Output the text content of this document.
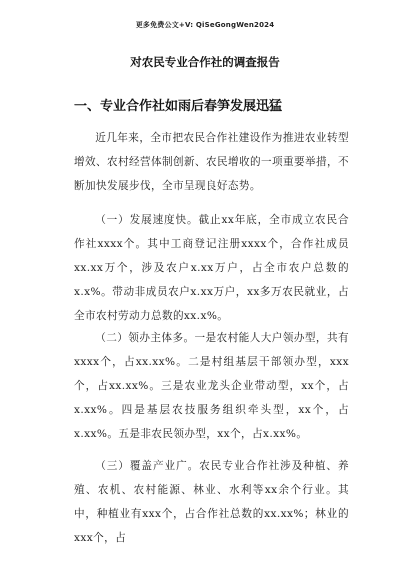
更多免费公文+V: QiSeGongWen2024
对农民专业合作社的调查报告
一、专业合作社如雨后春笋发展迅猛

近几年来，全市把农民合作社建设作为推进农业转型增效、农村经营体制创新、农民增收的一项重要举措，不断加快发展步伐，全市呈现良好态势。

（一）发展速度快。截止xx年底，全市成立农民合作社xxxx个。其中工商登记注册xxxx个，合作社成员xx.xx万个，涉及农户x.xx万户，占全市农户总数的x.x%。带动非成员农户x.xx万户，xx多万农民就业，占全市农村劳动力总数的xx.x%。

（二）领办主体多。一是农村能人大户领办型，共有xxxx个，占xx.xx%。二是村组基层干部领办型，xxx个，占xx.xx%。三是农业龙头企业带动型，xx个，占x.xx%。四是基层农技服务组织牵头型，xx个，占x.xx%。五是非农民领办型，xx个，占x.xx%。

（三）覆盖产业广。农民专业合作社涉及种植、养殖、农机、农村能源、林业、水利等xx余个行业。其中，种植业有xxx个，占合作社总数的xx.xx%；林业的xxx个，占
